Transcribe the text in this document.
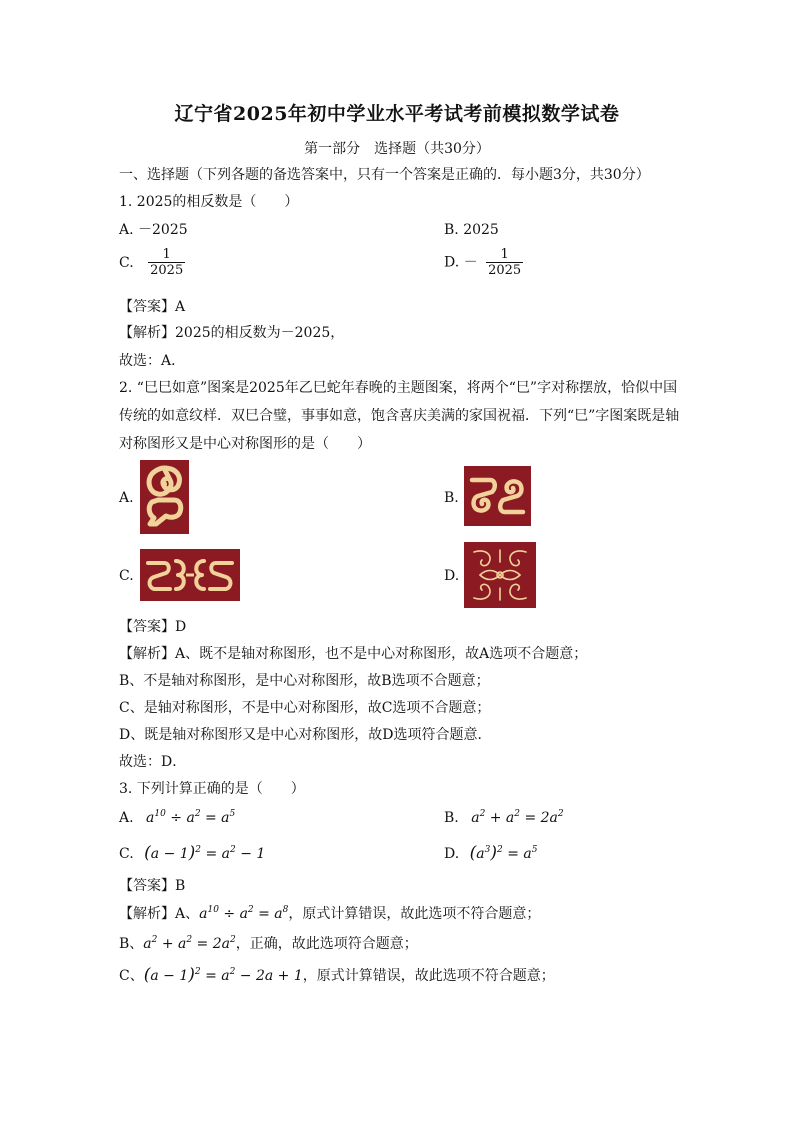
辽宁省2025年初中学业水平考试考前模拟数学试卷
第一部分　选择题（共30分）
一、选择题（下列各题的备选答案中，只有一个答案是正确的．每小题3分，共30分）
1. 2025的相反数是（　　）
A. －2025	B. 2025
C. $\frac{1}{2025}$	D. － $\frac{1}{2025}$
【答案】A
【解析】2025的相反数为－2025，
故选：A．
2. “巳巳如意”图案是2025年乙巳蛇年春晚的主题图案，将两个“巳”字对称摆放，恰似中国
传统的如意纹样．双巳合璧，事事如意，饱含喜庆美满的家国祝福．下列“巳”字图案既是轴
对称图形又是中心对称图形的是（　　）
A.	B.
C.	D.
【答案】D
【解析】A、既不是轴对称图形，也不是中心对称图形，故A选项不合题意；
B、不是轴对称图形，是中心对称图形，故B选项不合题意；
C、是轴对称图形，不是中心对称图形，故C选项不合题意；
D、既是轴对称图形又是中心对称图形，故D选项符合题意．
故选：D．
3. 下列计算正确的是（　　）
A. $a^{10} \div a^2 = a^5$	B. $a^2 + a^2 = 2a^2$
C. $(a - 1)^2 = a^2 - 1$	D. $(a^3)^2 = a^5$
【答案】B
【解析】A、$a^{10} \div a^2 = a^8$，原式计算错误，故此选项不符合题意；
B、$a^2 + a^2 = 2a^2$，正确，故此选项符合题意；
C、$(a - 1)^2 = a^2 - 2a + 1$，原式计算错误，故此选项不符合题意；
